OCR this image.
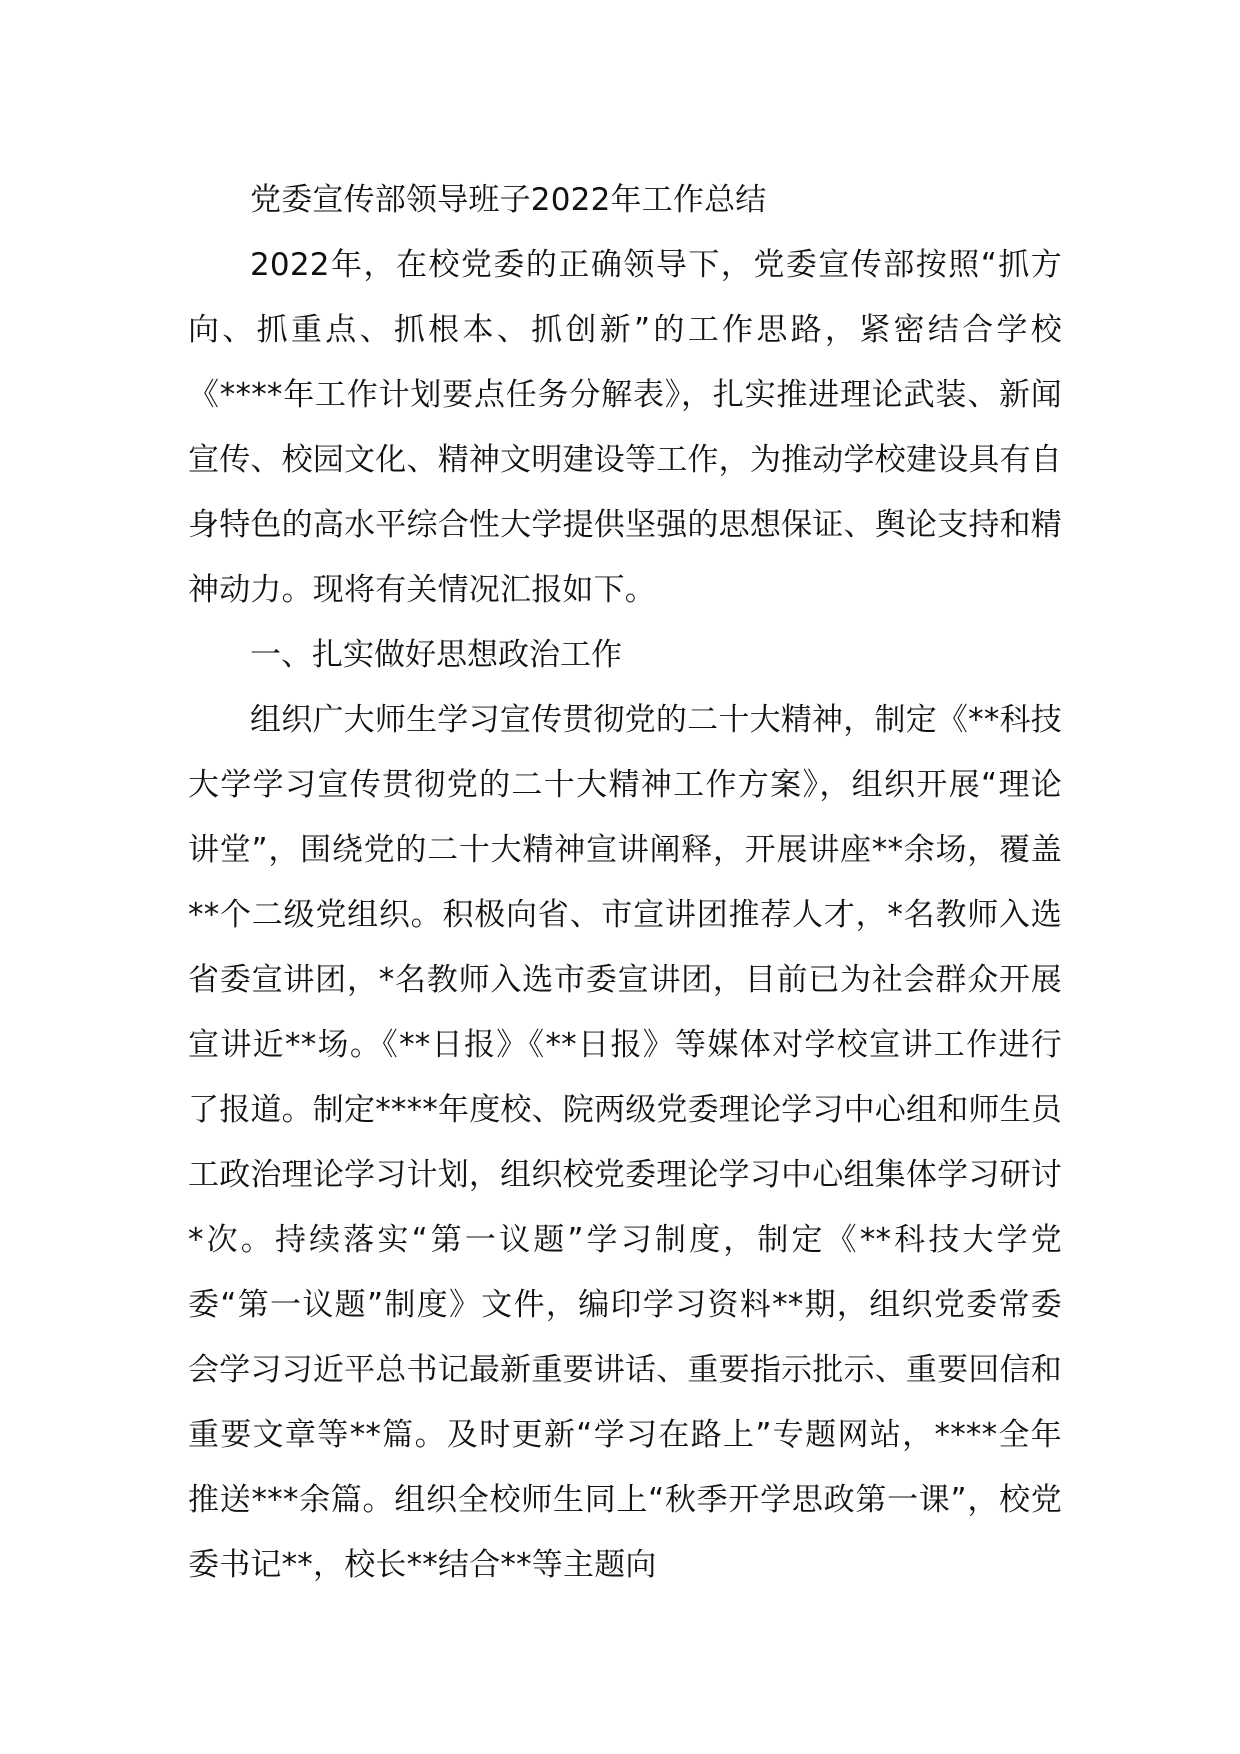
党委宣传部领导班子2022年工作总结

2022年，在校党委的正确领导下，党委宣传部按照“抓方向、抓重点、抓根本、抓创新”的工作思路，紧密结合学校《****年工作计划要点任务分解表》，扎实推进理论武装、新闻宣传、校园文化、精神文明建设等工作，为推动学校建设具有自身特色的高水平综合性大学提供坚强的思想保证、舆论支持和精神动力。现将有关情况汇报如下。

一、扎实做好思想政治工作

组织广大师生学习宣传贯彻党的二十大精神，制定《**科技大学学习宣传贯彻党的二十大精神工作方案》，组织开展“理论讲堂”，围绕党的二十大精神宣讲阐释，开展讲座**余场，覆盖**个二级党组织。积极向省、市宣讲团推荐人才，*名教师入选省委宣讲团，*名教师入选市委宣讲团，目前已为社会群众开展宣讲近**场。《**日报》《**日报》等媒体对学校宣讲工作进行了报道。制定****年度校、院两级党委理论学习中心组和师生员工政治理论学习计划，组织校党委理论学习中心组集体学习研讨*次。持续落实“第一议题”学习制度，制定《**科技大学党委“第一议题”制度》文件，编印学习资料**期，组织党委常委会学习习近平总书记最新重要讲话、重要指示批示、重要回信和重要文章等**篇。及时更新“学习在路上”专题网站，****全年推送***余篇。组织全校师生同上“秋季开学思政第一课”，校党委书记**，校长**结合**等主题向
